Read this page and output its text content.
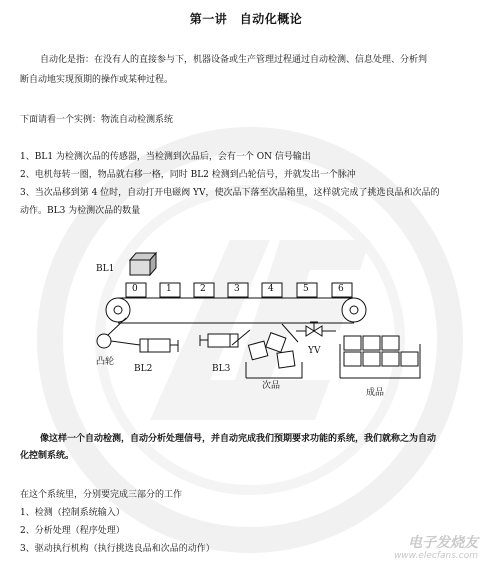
第一讲　自动化概论
自动化是指：在没有人的直接参与下，机器设备或生产管理过程通过自动检测、信息处理、分析判
断自动地实现预期的操作或某种过程。
下面请看一个实例：物流自动检测系统
1、BL1 为检测次品的传感器，当检测到次品后，会有一个 ON 信号输出
2、电机每转一圈，物品就右移一格，同时 BL2 检测到凸轮信号，并就发出一个脉冲
3、当次品移到第 4 位时，自动打开电磁阀 YV，使次品下落至次品箱里，这样就完成了挑选良品和次品的
动作。BL3 为检测次品的数量
BL1
0	1	2	3	4	5	6
凸轮
BL2	BL3
YV
次品
成品
像这样一个自动检测，自动分析处理信号，并自动完成我们预期要求功能的系统，我们就称之为自动
化控制系统。
在这个系统里，分别要完成三部分的工作
1、检测（控制系统输入）
2、分析处理（程序处理）
3、驱动执行机构（执行挑选良品和次品的动作）	电子发烧友
www.elecfans.com
